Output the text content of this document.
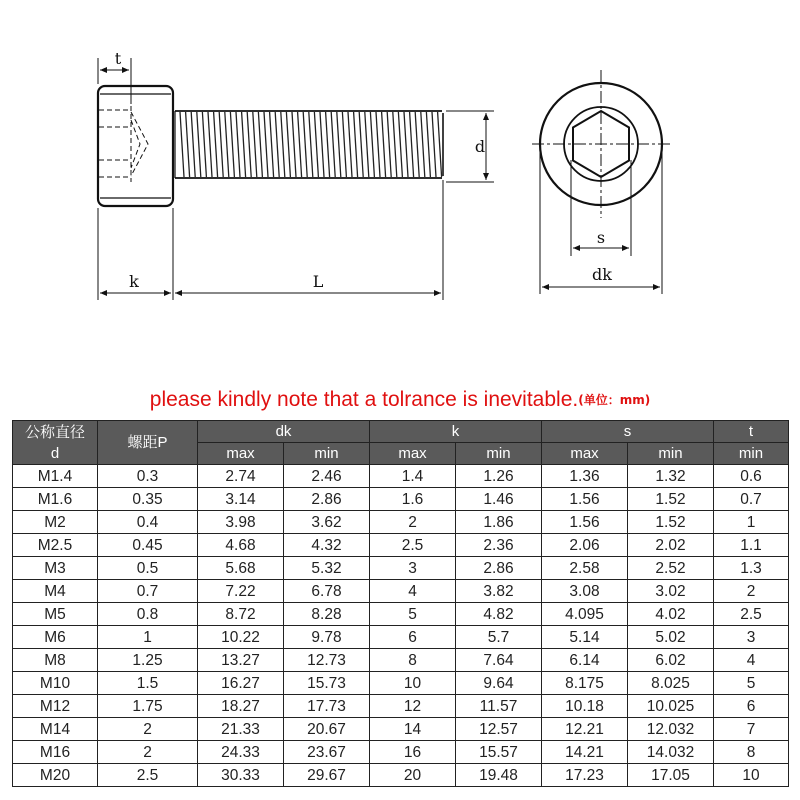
t
d
k	L
s
dk
please kindly note that a tolrance is inevitable.(单位：mm)
公称直径
d	螺距P	dk		k		s		t
		max	min	max	min	max	min	min
M1.4	0.3	2.74	2.46	1.4	1.26	1.36	1.32	0.6
M1.6	0.35	3.14	2.86	1.6	1.46	1.56	1.52	0.7
M2	0.4	3.98	3.62	2	1.86	1.56	1.52	1
M2.5	0.45	4.68	4.32	2.5	2.36	2.06	2.02	1.1
M3	0.5	5.68	5.32	3	2.86	2.58	2.52	1.3
M4	0.7	7.22	6.78	4	3.82	3.08	3.02	2
M5	0.8	8.72	8.28	5	4.82	4.095	4.02	2.5
M6	1	10.22	9.78	6	5.7	5.14	5.02	3
M8	1.25	13.27	12.73	8	7.64	6.14	6.02	4
M10	1.5	16.27	15.73	10	9.64	8.175	8.025	5
M12	1.75	18.27	17.73	12	11.57	10.18	10.025	6
M14	2	21.33	20.67	14	12.57	12.21	12.032	7
M16	2	24.33	23.67	16	15.57	14.21	14.032	8
M20	2.5	30.33	29.67	20	19.48	17.23	17.05	10
